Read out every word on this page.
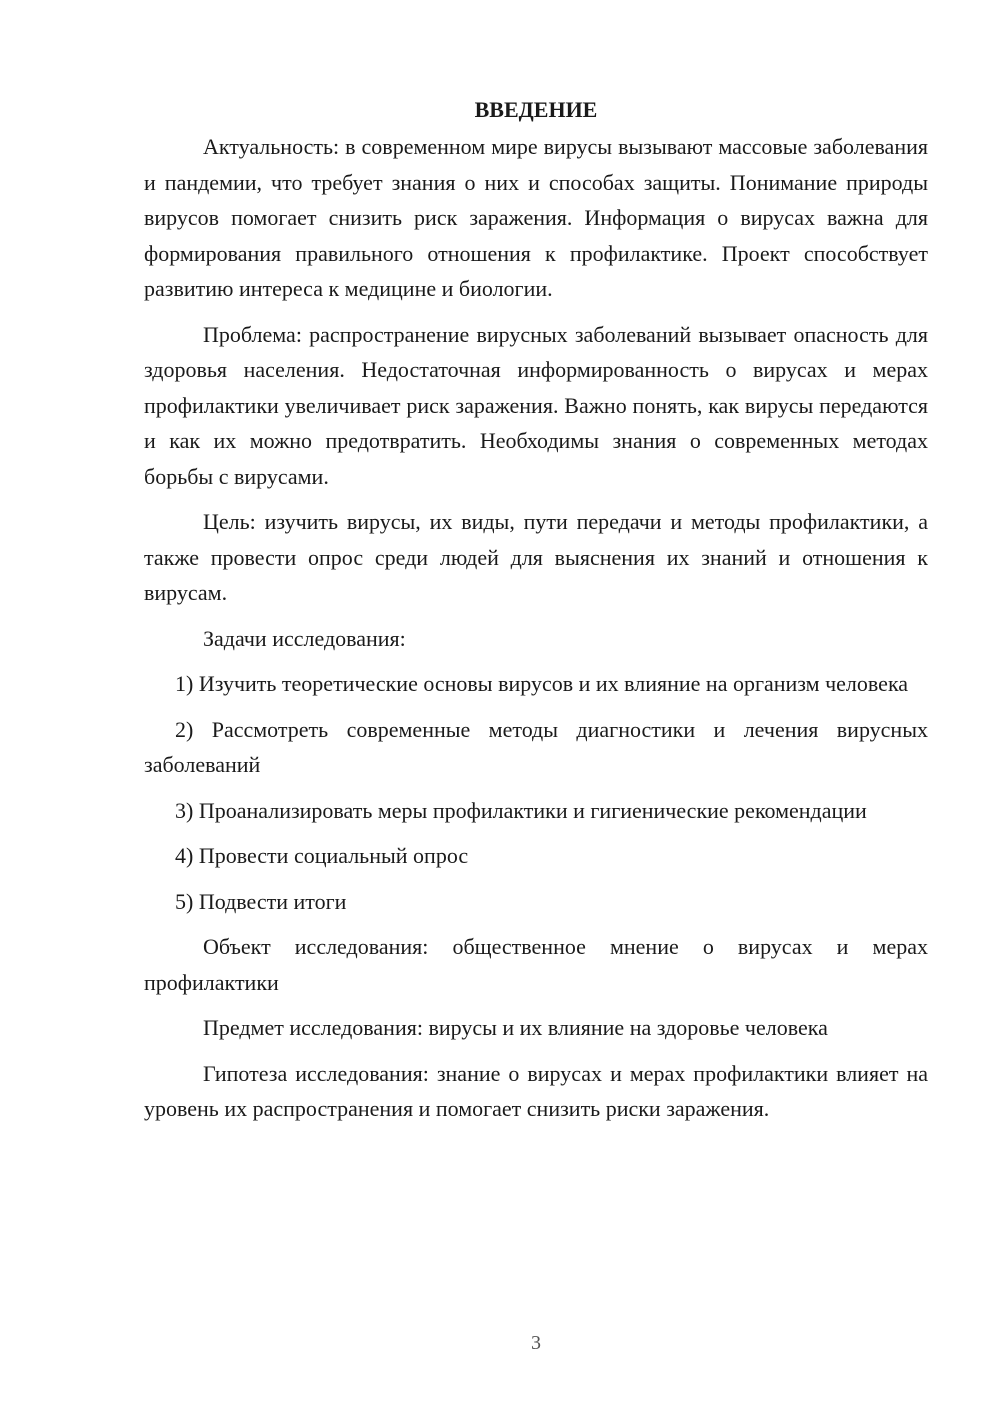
ВВЕДЕНИЕ

Актуальность: в современном мире вирусы вызывают массовые заболевания и пандемии, что требует знания о них и способах защиты. Понимание природы вирусов помогает снизить риск заражения. Информация о вирусах важна для формирования правильного отношения к профилактике. Проект способствует развитию интереса к медицине и биологии.

Проблема: распространение вирусных заболеваний вызывает опасность для здоровья населения. Недостаточная информированность о вирусах и мерах профилактики увеличивает риск заражения. Важно понять, как вирусы передаются и как их можно предотвратить. Необходимы знания о современных методах борьбы с вирусами.

Цель: изучить вирусы, их виды, пути передачи и методы профилактики, а также провести опрос среди людей для выяснения их знаний и отношения к вирусам.

Задачи исследования:

1) Изучить теоретические основы вирусов и их влияние на организм человека

2) Рассмотреть современные методы диагностики и лечения вирусных заболеваний

3) Проанализировать меры профилактики и гигиенические рекомендации

4) Провести социальный опрос

5) Подвести итоги

Объект исследования: общественное мнение о вирусах и мерах профилактики

Предмет исследования: вирусы и их влияние на здоровье человека

Гипотеза исследования: знание о вирусах и мерах профилактики влияет на уровень их распространения и помогает снизить риски заражения.

3
